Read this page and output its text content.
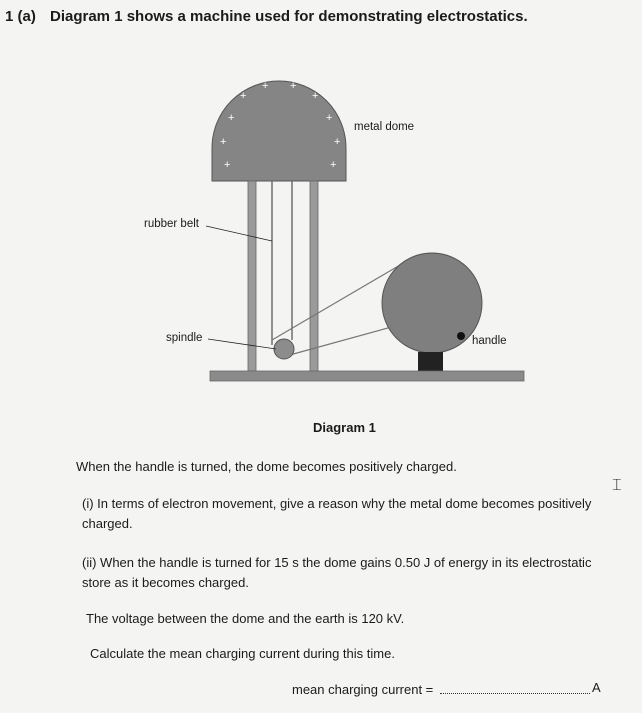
1 (a) Diagram 1 shows a machine used for demonstrating electrostatics.
+
+ +
+
+	+
+	+
+	+
metal dome
rubber belt
spindle	handle
Diagram 1
When the handle is turned, the dome becomes positively charged.
(i) In terms of electron movement, give a reason why the metal dome becomes positively charged.
(ii) When the handle is turned for 15 s the dome gains 0.50 J of energy in its electrostatic store as it becomes charged.
The voltage between the dome and the earth is 120 kV.
Calculate the mean charging current during this time.
mean charging current =	A
⌶
